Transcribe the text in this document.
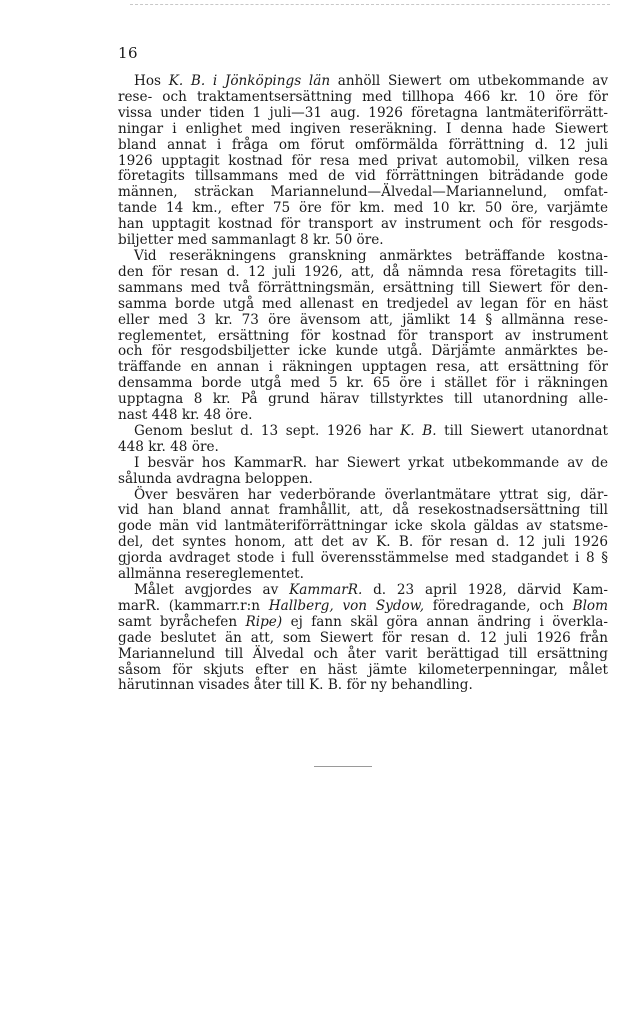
16
Hos K. B. i Jönköpings län anhöll Siewert om utbekommande av
rese- och traktamentsersättning med tillhopa 466 kr. 10 öre för
vissa under tiden 1 juli—31 aug. 1926 företagna lantmäteriförrätt-
ningar i enlighet med ingiven reseräkning. I denna hade Siewert
bland annat i fråga om förut omförmälda förrättning d. 12 juli
1926 upptagit kostnad för resa med privat automobil, vilken resa
företagits tillsammans med de vid förrättningen biträdande gode
männen, sträckan Mariannelund—Älvedal—Mariannelund, omfat-
tande 14 km., efter 75 öre för km. med 10 kr. 50 öre, varjämte
han upptagit kostnad för transport av instrument och för resgods-
biljetter med sammanlagt 8 kr. 50 öre.
Vid reseräkningens granskning anmärktes beträffande kostna-
den för resan d. 12 juli 1926, att, då nämnda resa företagits till-
sammans med två förrättningsmän, ersättning till Siewert för den-
samma borde utgå med allenast en tredjedel av legan för en häst
eller med 3 kr. 73 öre ävensom att, jämlikt 14 § allmänna rese-
reglementet, ersättning för kostnad för transport av instrument
och för resgodsbiljetter icke kunde utgå. Därjämte anmärktes be-
träffande en annan i räkningen upptagen resa, att ersättning för
densamma borde utgå med 5 kr. 65 öre i stället för i räkningen
upptagna 8 kr. På grund härav tillstyrktes till utanordning alle-
nast 448 kr. 48 öre.
Genom beslut d. 13 sept. 1926 har K. B. till Siewert utanordnat
448 kr. 48 öre.
I besvär hos KammarR. har Siewert yrkat utbekommande av de
sålunda avdragna beloppen.
Över besvären har vederbörande överlantmätare yttrat sig, där-
vid han bland annat framhållit, att, då resekostnadsersättning till
gode män vid lantmäteriförrättningar icke skola gäldas av statsme-
del, det syntes honom, att det av K. B. för resan d. 12 juli 1926
gjorda avdraget stode i full överensstämmelse med stadgandet i 8 §
allmänna resereglementet.
Målet avgjordes av KammarR. d. 23 april 1928, därvid Kam-
marR. (kammarr.r:n Hallberg, von Sydow, föredragande, och Blom
samt byråchefen Ripe) ej fann skäl göra annan ändring i överkla-
gade beslutet än att, som Siewert för resan d. 12 juli 1926 från
Mariannelund till Älvedal och åter varit berättigad till ersättning
såsom för skjuts efter en häst jämte kilometerpenningar, målet
härutinnan visades åter till K. B. för ny behandling.
